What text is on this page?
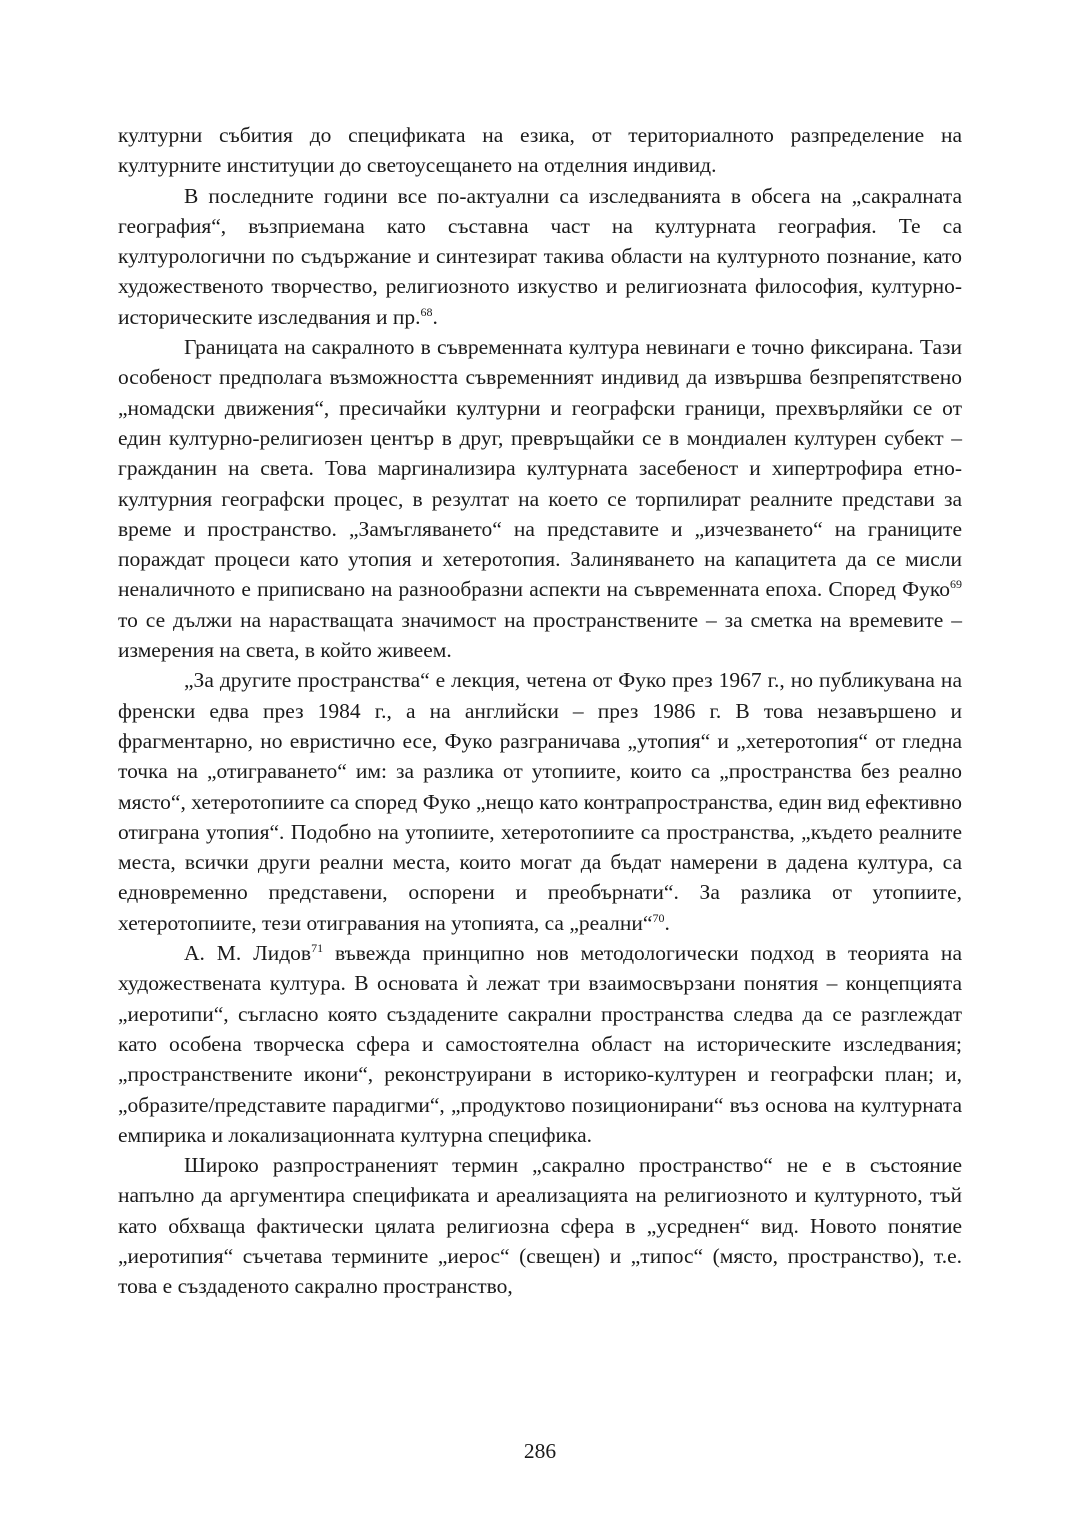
културни събития до спецификата на езика, от териториалното разпределение на културните институции до светоусещането на отделния индивид.

В последните години все по-актуални са изследванията в обсега на „сакралната география“, възприемана като съставна част на културната география. Те са културологични по съдържание и синтезират такива области на културното познание, като художественото творчество, религиозното изкуство и религиозната философия, културно-историческите изследвания и пр.$^{68}$.

Границата на сакралното в съвременната култура невинаги е точно фиксирана. Тази особеност предполага възможността съвременният индивид да извършва безпрепятствено „номадски движения“, пресичайки културни и географски граници, прехвърляйки се от един културно-религиозен център в друг, превръщайки се в мондиален културен субект – гражданин на света. Това маргинализира културната засебеност и хипертрофира етно-културния географски процес, в резултат на което се торпилират реалните представи за време и пространство. „Замъгляването“ на представите и „изчезването“ на границите пораждат процеси като утопия и хетеротопия. Залиняването на капацитета да се мисли неналичното е приписвано на разнообразни аспекти на съвременната епоха. Според Фуко$^{69}$ то се дължи на нарастващата значимост на пространствените – за сметка на времевите – измерения на света, в който живеем.

„За другите пространства“ е лекция, четена от Фуко през 1967 г., но публикувана на френски едва през 1984 г., а на английски – през 1986 г. В това незавършено и фрагментарно, но евристично есе, Фуко разграничава „утопия“ и „хетеротопия“ от гледна точка на „отиграването“ им: за разлика от утопиите, които са „пространства без реално място“, хетеротопиите са според Фуко „нещо като контрапространства, един вид ефективно отиграна утопия“. Подобно на утопиите, хетеротопиите са пространства, „където реалните места, всички други реални места, които могат да бъдат намерени в дадена култура, са едновременно представени, оспорени и преобърнати“. За разлика от утопиите, хетеротопиите, тези отигравания на утопията, са „реални“$^{70}$.

А. М. Лидов$^{71}$ въвежда принципно нов методологически подход в теорията на художествената култура. В основата ѝ лежат три взаимосвързани понятия – концепцията „иеротипи“, съгласно която създадените сакрални пространства следва да се разглеждат като особена творческа сфера и самостоятелна област на историческите изследвания; „пространствените икони“, реконструирани в историко-културен и географски план; и, „образите/представите парадигми“, „продуктово позиционирани“ въз основа на културната емпирика и локализационната културна специфика.

Широко разпространеният термин „сакрално пространство“ не е в състояние напълно да аргументира спецификата и ареализацията на религиозното и културното, тъй като обхваща фактически цялата религиозна сфера в „усреднен“ вид. Новото понятие „иеротипия“ съчетава термините „иерос“ (свещен) и „типос“ (място, пространство), т.е. това е създаденото сакрално пространство,

286
